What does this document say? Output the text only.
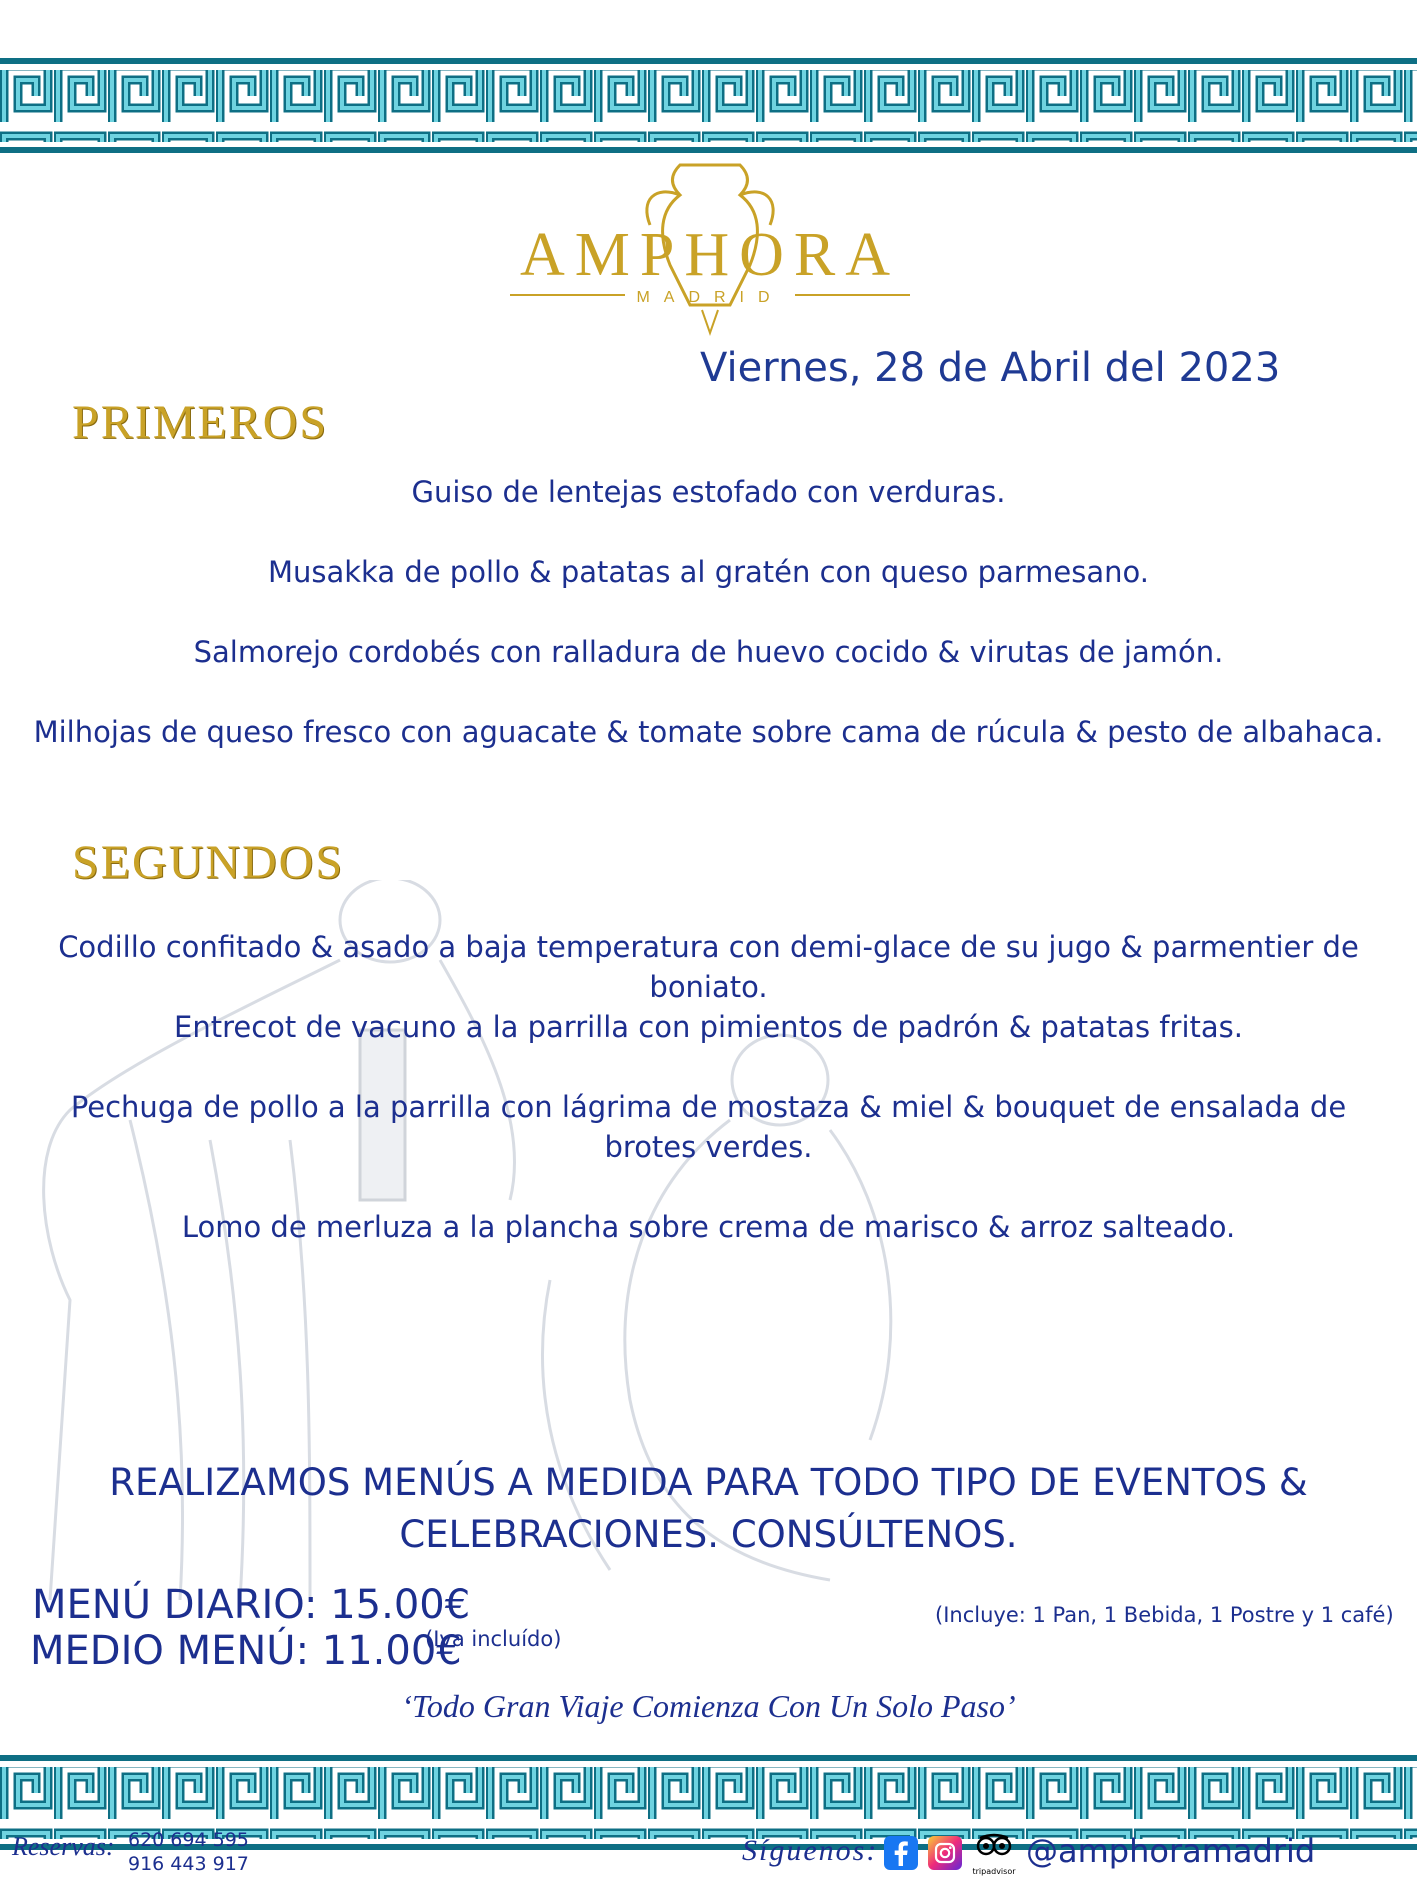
AMPHORA
MADRID
Viernes, 28 de Abril del 2023
PRIMEROS
Guiso de lentejas estofado con verduras.
Musakka de pollo & patatas al gratén con queso parmesano.
Salmorejo cordobés con ralladura de huevo cocido & virutas de jamón.
Milhojas de queso fresco con aguacate & tomate sobre cama de rúcula & pesto de albahaca.
SEGUNDOS
Codillo confitado & asado a baja temperatura con demi-glace de su jugo & parmentier de boniato.
Entrecot de vacuno a la parrilla con pimientos de padrón & patatas fritas.
Pechuga de pollo a la parrilla con lágrima de mostaza & miel & bouquet de ensalada de
brotes verdes.
Lomo de merluza a la plancha sobre crema de marisco & arroz salteado.
REALIZAMOS MENÚS A MEDIDA PARA TODO TIPO DE EVENTOS &
CELEBRACIONES. CONSÚLTENOS.
MENÚ DIARIO: 15.00€
MEDIO MENÚ: 11.00€
(Iva incluído)
(Incluye: 1 Pan, 1 Bebida, 1 Postre y 1 café)
‘Todo Gran Viaje Comienza Con Un Solo Paso’
Reservas: 620 694 595
916 443 917	Síguenos:
tripadvisor
@amphoramadrid
